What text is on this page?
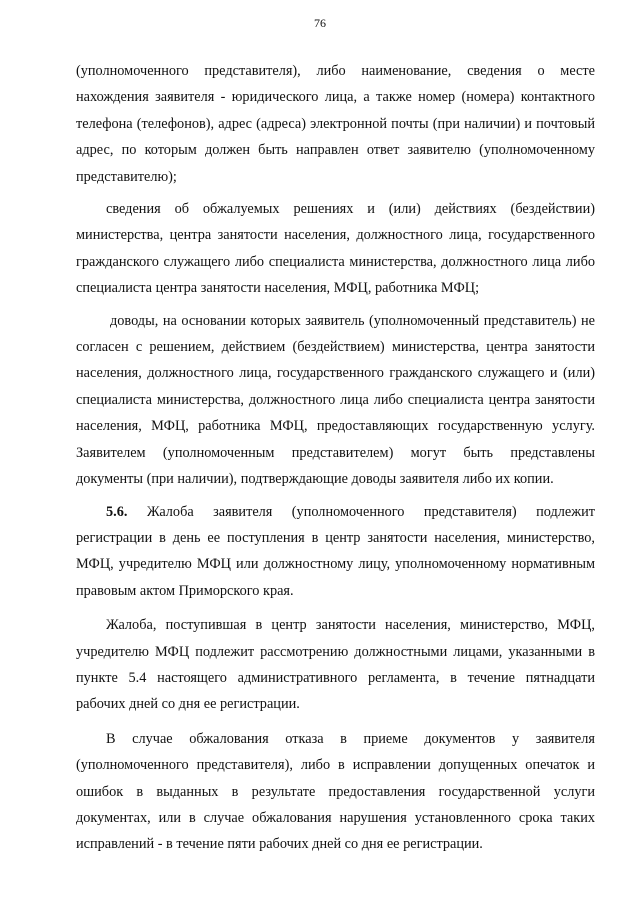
76

(уполномоченного представителя), либо наименование, сведения о месте нахождения заявителя - юридического лица, а также номер (номера) контактного телефона (телефонов), адрес (адреса) электронной почты (при наличии) и почтовый адрес, по которым должен быть направлен ответ заявителю (уполномоченному представителю);

сведения об обжалуемых решениях и (или) действиях (бездействии) министерства, центра занятости населения, должностного лица, государственного гражданского служащего либо специалиста министерства, должностного лица либо специалиста центра занятости населения, МФЦ, работника МФЦ;

доводы, на основании которых заявитель (уполномоченный представитель) не согласен с решением, действием (бездействием) министерства, центра занятости населения, должностного лица, государственного гражданского служащего и (или) специалиста министерства, должностного лица либо специалиста центра занятости населения, МФЦ, работника МФЦ, предоставляющих государственную услугу. Заявителем (уполномоченным представителем) могут быть представлены документы (при наличии), подтверждающие доводы заявителя либо их копии.

5.6. Жалоба заявителя (уполномоченного представителя) подлежит регистрации в день ее поступления в центр занятости населения, министерство, МФЦ, учредителю МФЦ или должностному лицу, уполномоченному нормативным правовым актом Приморского края.

Жалоба, поступившая в центр занятости населения, министерство, МФЦ, учредителю МФЦ подлежит рассмотрению должностными лицами, указанными в пункте 5.4 настоящего административного регламента, в течение пятнадцати рабочих дней со дня ее регистрации.

В случае обжалования отказа в приеме документов у заявителя (уполномоченного представителя), либо в исправлении допущенных опечаток и ошибок в выданных в результате предоставления государственной услуги документах, или в случае обжалования нарушения установленного срока таких исправлений - в течение пяти рабочих дней со дня ее регистрации.
